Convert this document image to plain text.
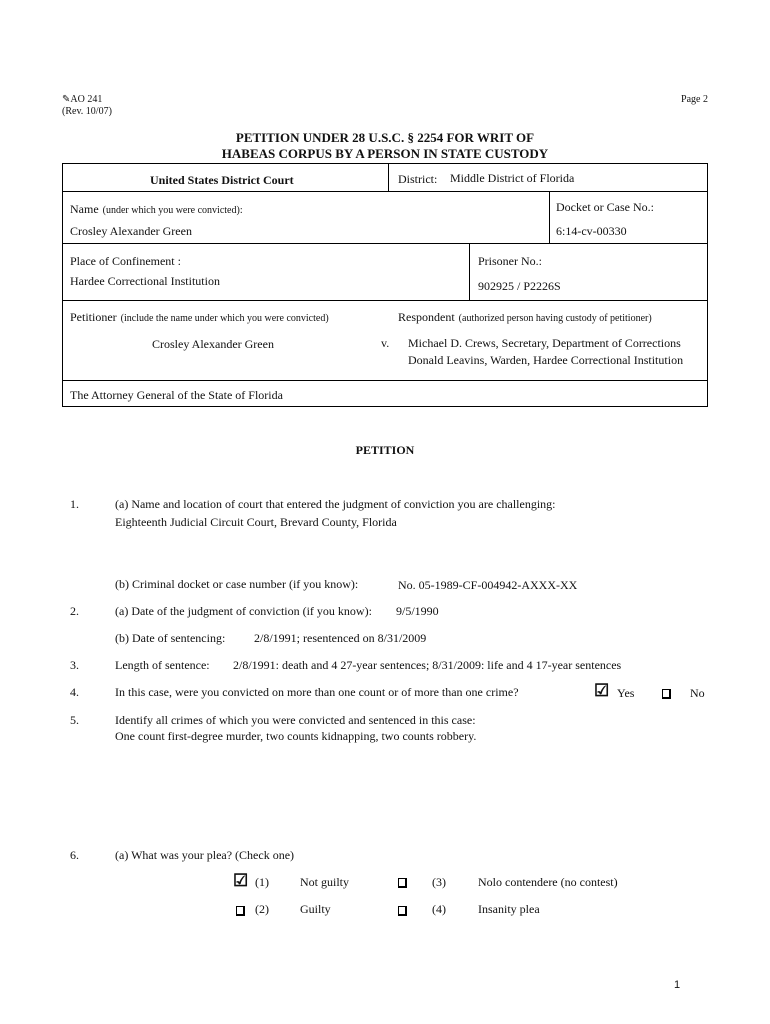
✎AO 241
(Rev. 10/07)
Page 2
PETITION UNDER 28 U.S.C. § 2254 FOR WRIT OF
HABEAS CORPUS BY A PERSON IN STATE CUSTODY
United States District Court	District: Middle District of Florida
Name (under which you were convicted):
Crosley Alexander Green
Docket or Case No.:
6:14-cv-00330
Place of Confinement :
Hardee Correctional Institution
Prisoner No.:
902925 / P2226S
Petitioner (include the name under which you were convicted)	Respondent (authorized person having custody of petitioner)
Crosley Alexander Green	v. Michael D. Crews, Secretary, Department of Corrections
Donald Leavins, Warden, Hardee Correctional Institution
The Attorney General of the State of Florida
PETITION
1.	(a) Name and location of court that entered the judgment of conviction you are challenging:
Eighteenth Judicial Circuit Court, Brevard County, Florida
(b) Criminal docket or case number (if you know):	No. 05-1989-CF-004942-AXXX-XX
2.	(a) Date of the judgment of conviction (if you know): 9/5/1990
(b) Date of sentencing: 2/8/1991; resentenced on 8/31/2009
3.	Length of sentence: 2/8/1991: death and 4 27-year sentences; 8/31/2009: life and 4 17-year sentences
4.	In this case, were you convicted on more than one count or of more than one crime?	☑ Yes	No
5.	Identify all crimes of which you were convicted and sentenced in this case:
One count first-degree murder, two counts kidnapping, two counts robbery.
6.	(a) What was your plea? (Check one)
☑ (1)	Not guilty	(3)	Nolo contendere (no contest)
(2)	Guilty	(4)	Insanity plea
1
